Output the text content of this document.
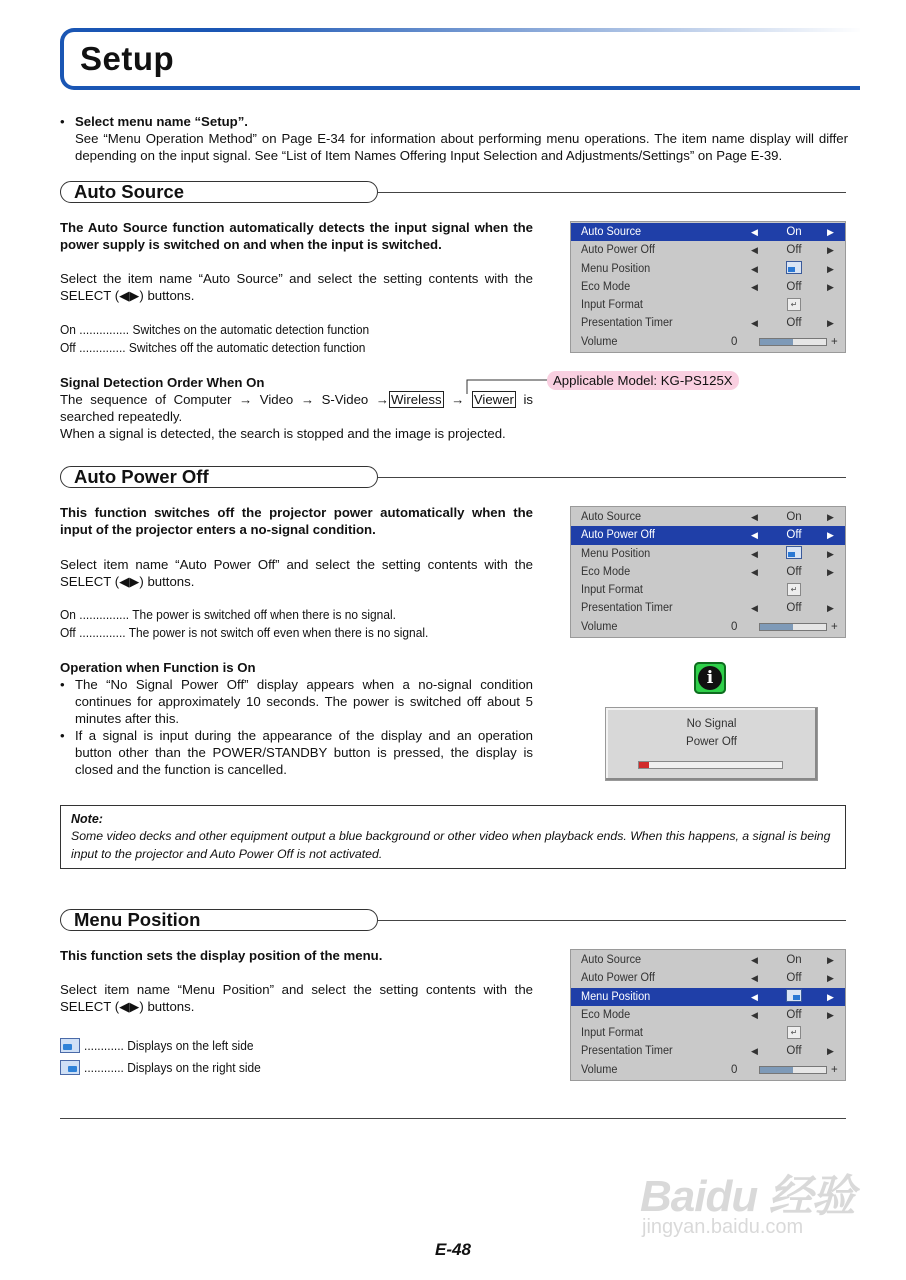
Setup
• Select menu name “Setup”.
See “Menu Operation Method” on Page E-34 for information about performing menu operations. The item name display will differ depending on the input signal. See “List of Item Names Offering Input Selection and Adjustments/Settings” on Page E-39.
Auto Source
The Auto Source function automatically detects the input signal when the power supply is switched on and when the input is switched.
Select the item name “Auto Source” and select the setting contents with the SELECT (◀▶) buttons.
On ............... Switches on the automatic detection function
Off .............. Switches off the automatic detection function
Signal Detection Order When On
The sequence of Computer → Video → S-Video → Wireless → Viewer is searched repeatedly.
When a signal is detected, the search is stopped and the image is projected.
Applicable Model: KG-PS125X
Auto Source	◀	On	▶
Auto Power Off	◀	Off	▶
Menu Position	◀	▶
Eco Mode	◀	Off	▶
Input Format	↵
Presentation Timer	◀	Off	▶
Volume	0	+
Auto Power Off
This function switches off the projector power automatically when the input of the projector enters a no-signal condition.
Select item name “Auto Power Off” and select the setting contents with the SELECT (◀▶) buttons.
On ............... The power is switched off when there is no signal.
Off .............. The power is not switch off even when there is no signal.
Operation when Function is On
• The “No Signal Power Off” display appears when a no-signal condition continues for approximately 10 seconds. The power is switched off about 5 minutes after this.
• If a signal is input during the appearance of the display and an operation button other than the POWER/STANDBY button is pressed, the display is closed and the function is cancelled.
Auto Source	◀	On	▶
Auto Power Off	◀	Off	▶
Menu Position	◀	▶
Eco Mode	◀	Off	▶
Input Format	↵
Presentation Timer	◀	Off	▶
Volume	0	+
i
No Signal
Power Off
Note:
Some video decks and other equipment output a blue background or other video when playback ends. When this happens, a signal is being input to the projector and Auto Power Off is not activated.
Menu Position
This function sets the display position of the menu.
Select item name “Menu Position” and select the setting contents with the SELECT (◀▶) buttons.
............ Displays on the left side
............ Displays on the right side
Auto Source	◀	On	▶
Auto Power Off	◀	Off	▶
Menu Position	◀	▶
Eco Mode	◀	Off	▶
Input Format	↵
Presentation Timer	◀	Off	▶
Volume	0	+
Baidu 经验
jingyan.baidu.com
E-48
